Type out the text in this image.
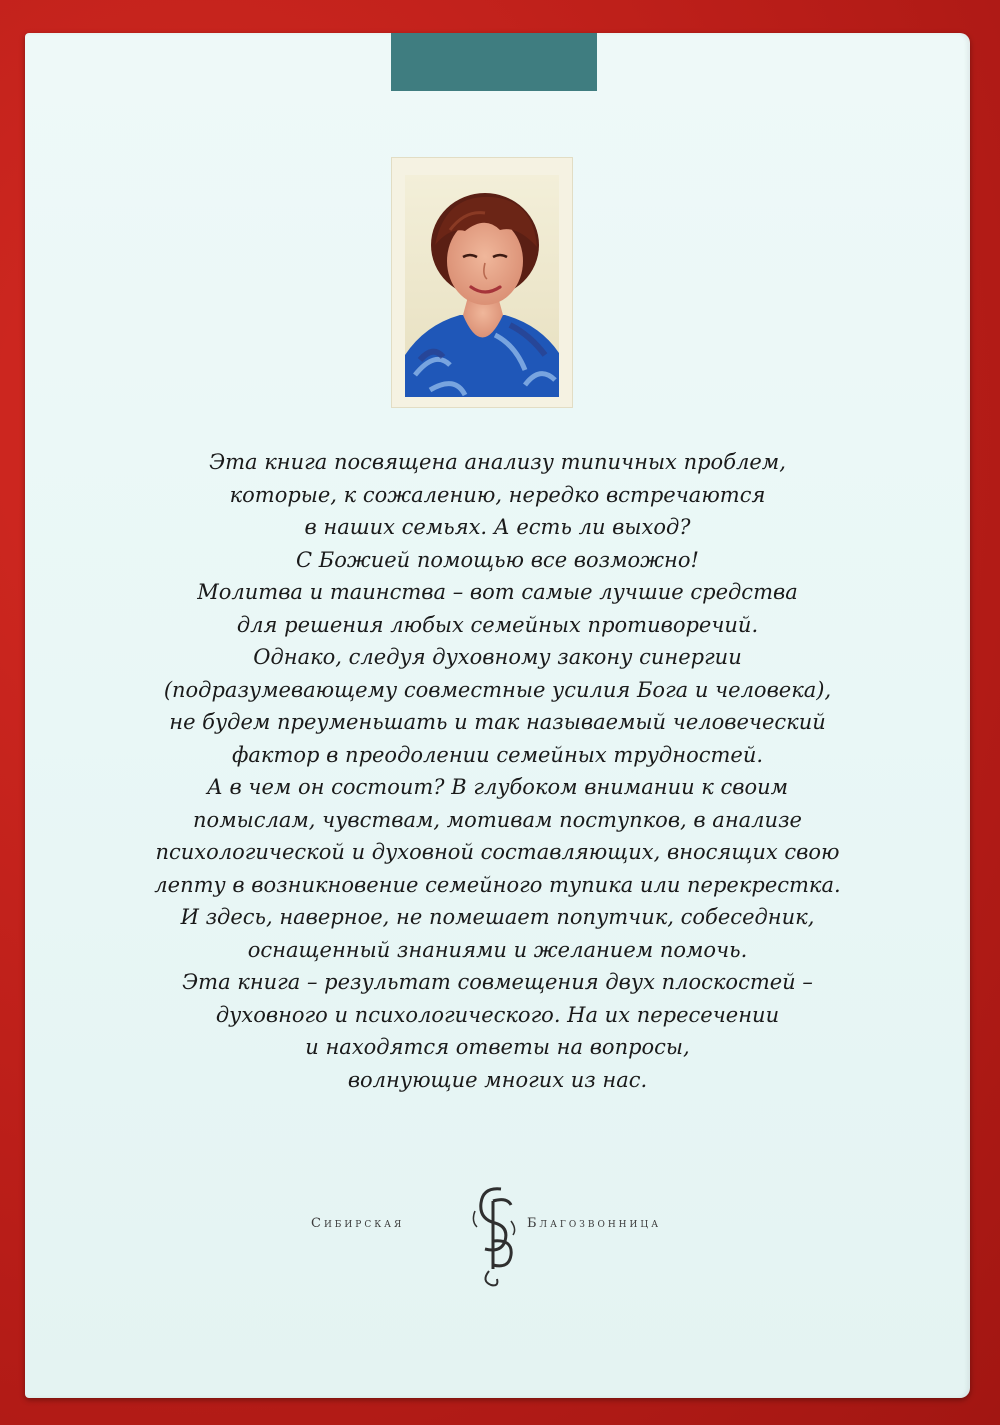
Эта книга посвящена анализу типичных проблем,
которые, к сожалению, нередко встречаются
в наших семьях. А есть ли выход?
С Божией помощью все возможно!
Молитва и таинства – вот самые лучшие средства
для решения любых семейных противоречий.
Однако, следуя духовному закону синергии
(подразумевающему совместные усилия Бога и человека),
не будем преуменьшать и так называемый человеческий
фактор в преодолении семейных трудностей.
А в чем он состоит? В глубоком внимании к своим
помыслам, чувствам, мотивам поступков, в анализе
психологической и духовной составляющих, вносящих свою
лепту в возникновение семейного тупика или перекрестка.
И здесь, наверное, не помешает попутчик, собеседник,
оснащенный знаниями и желанием помочь.
Эта книга – результат совмещения двух плоскостей –
духовного и психологического. На их пересечении
и находятся ответы на вопросы,
волнующие многих из нас.
Сибирская	Благозвонница
